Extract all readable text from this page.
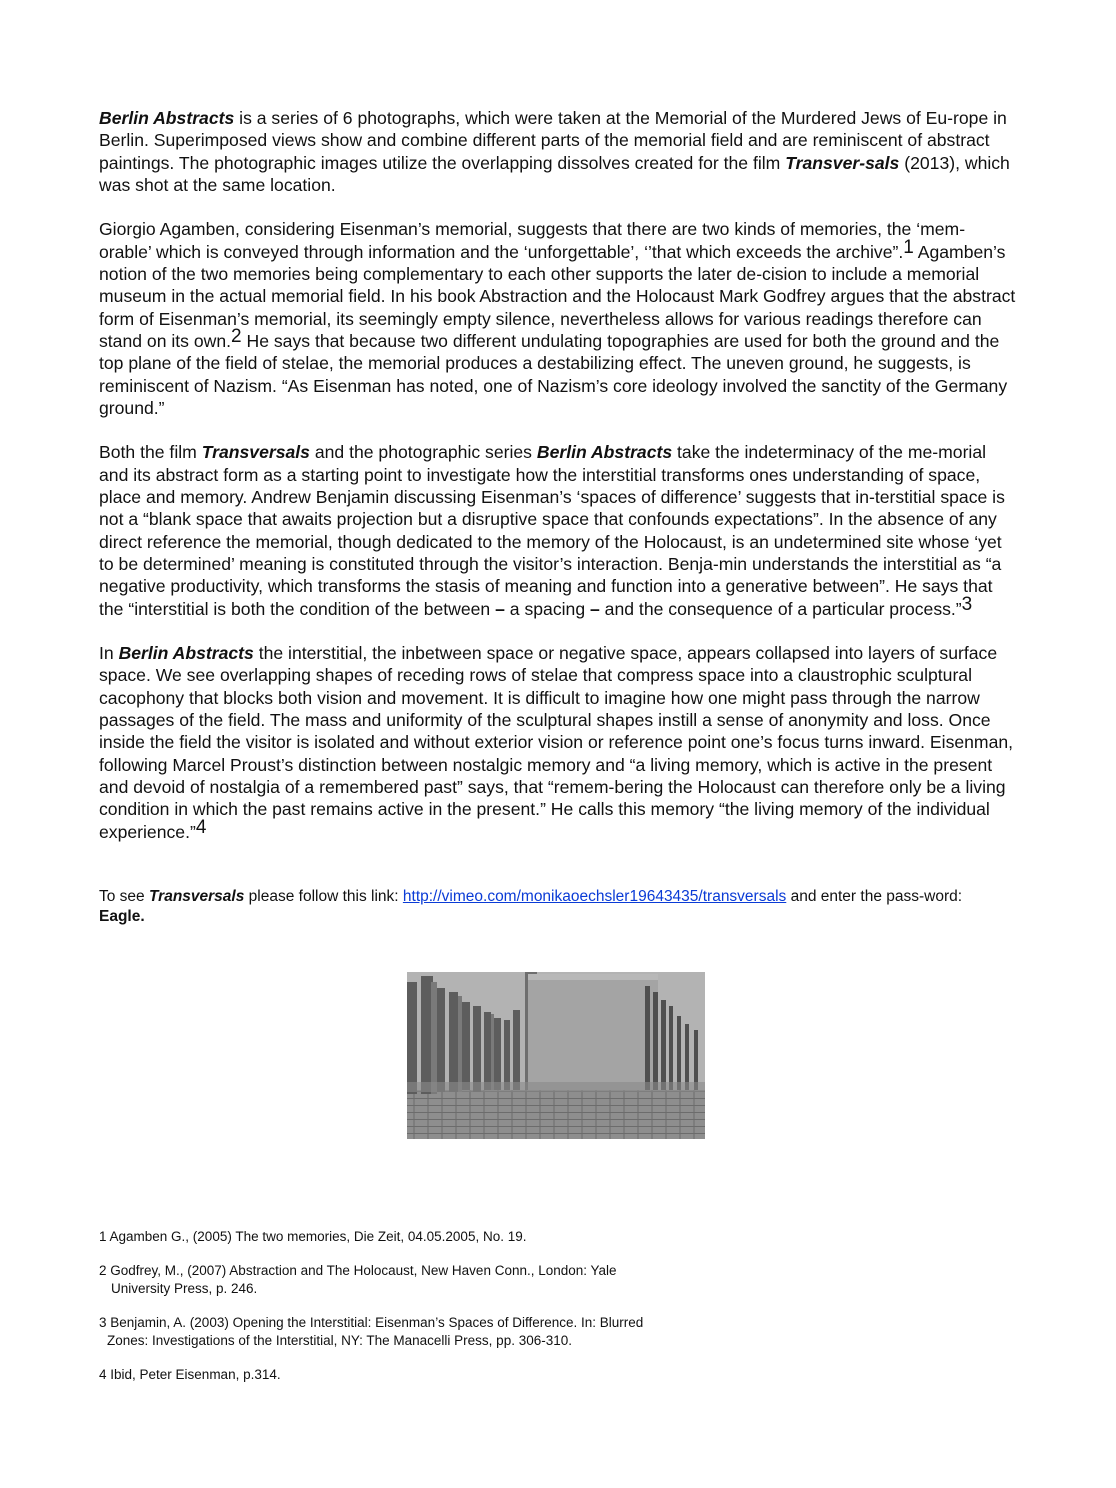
Berlin Abstracts is a series of 6 photographs, which were taken at the Memorial of the Murdered Jews of Eu-rope in Berlin. Superimposed views show and combine different parts of the memorial field and are reminiscent of abstract paintings. The photographic images utilize the overlapping dissolves created for the film Transver-sals (2013), which was shot at the same location.

Giorgio Agamben, considering Eisenman’s memorial, suggests that there are two kinds of memories, the ‘mem-orable’ which is conveyed through information and the ‘unforgettable’, ‘’that which exceeds the archive”.$^1$ Agamben’s notion of the two memories being complementary to each other supports the later de-cision to include a memorial museum in the actual memorial field. In his book Abstraction and the Holocaust Mark Godfrey argues that the abstract form of Eisenman’s memorial, its seemingly empty silence, nevertheless allows for various readings therefore can stand on its own.$^2$ He says that because two different undulating topographies are used for both the ground and the top plane of the field of stelae, the memorial produces a destabilizing effect. The uneven ground, he suggests, is reminiscent of Nazism. “As Eisenman has noted, one of Nazism’s core ideology involved the sanctity of the Germany ground.”

Both the film Transversals and the photographic series Berlin Abstracts take the indeterminacy of the me-morial and its abstract form as a starting point to investigate how the interstitial transforms ones understanding of space, place and memory. Andrew Benjamin discussing Eisenman’s ‘spaces of difference’ suggests that in-terstitial space is not a “blank space that awaits projection but a disruptive space that confounds expectations”. In the absence of any direct reference the memorial, though dedicated to the memory of the Holocaust, is an undetermined site whose ‘yet to be determined’ meaning is constituted through the visitor’s interaction. Benja-min understands the interstitial as “a negative productivity, which transforms the stasis of meaning and function into a generative between”. He says that the “interstitial is both the condition of the between – a spacing – and the consequence of a particular process.”$^3$

In Berlin Abstracts the interstitial, the inbetween space or negative space, appears collapsed into layers of surface space. We see overlapping shapes of receding rows of stelae that compress space into a claustrophic sculptural cacophony that blocks both vision and movement. It is difficult to imagine how one might pass through the narrow passages of the field. The mass and uniformity of the sculptural shapes instill a sense of anonymity and loss. Once inside the field the visitor is isolated and without exterior vision or reference point one’s focus turns inward. Eisenman, following Marcel Proust’s distinction between nostalgic memory and “a living memory, which is active in the present and devoid of nostalgia of a remembered past” says, that “remem-bering the Holocaust can therefore only be a living condition in which the past remains active in the present.” He calls this memory “the living memory of the individual experience.”$^4$

To see Transversals please follow this link: http://vimeo.com/monikaoechsler19643435/transversals and enter the pass-word: Eagle.

1 Agamben G., (2005) The two memories, Die Zeit, 04.05.2005, No. 19.

2 Godfrey, M., (2007) Abstraction and The Holocaust, New Haven Conn., London: Yale
University Press, p. 246.

3 Benjamin, A. (2003) Opening the Interstitial: Eisenman’s Spaces of Difference. In: Blurred
Zones: Investigations of the Interstitial, NY: The Manacelli Press, pp. 306-310.

4 Ibid, Peter Eisenman, p.314.
